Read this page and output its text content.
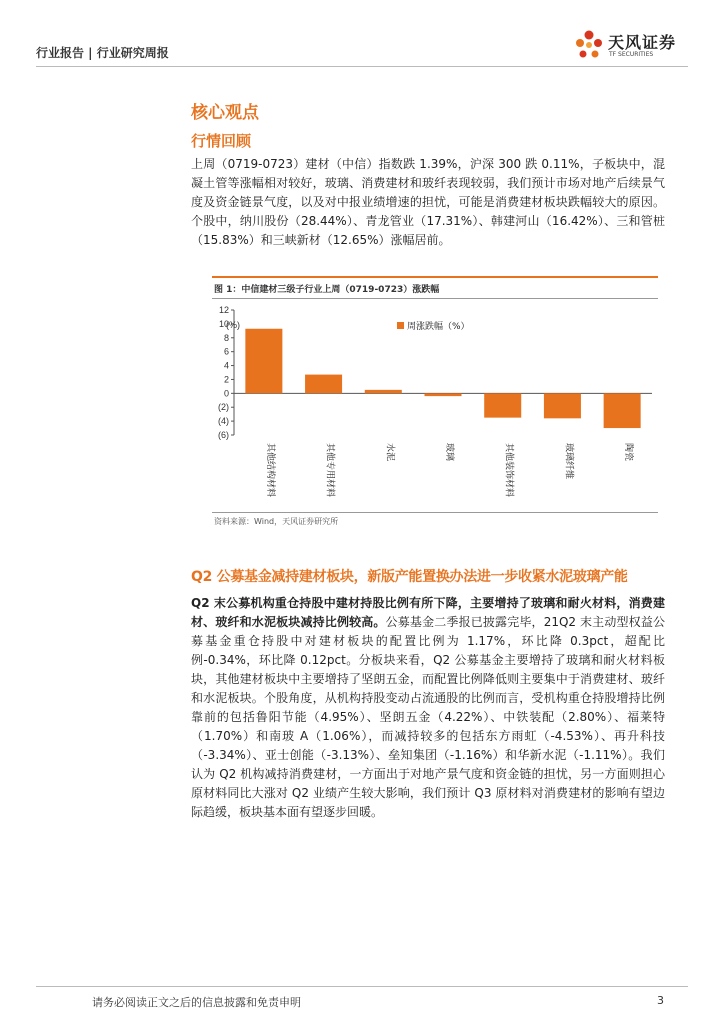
行业报告 | 行业研究周报
天风证券
TF SECURITIES
核心观点
行情回顾
上周（0719-0723）建材（中信）指数跌 1.39%，沪深 300 跌 0.11%，子板块中，混凝土管等涨幅相对较好，玻璃、消费建材和玻纤表现较弱，我们预计市场对地产后续景气度及资金链景气度，以及对中报业绩增速的担忧，可能是消费建材板块跌幅较大的原因。个股中，纳川股份（28.44%）、青龙管业（17.31%）、韩建河山（16.42%）、三和管桩（15.83%）和三峡新材（12.65%）涨幅居前。
图 1：中信建材三级子行业上周（0719-0723）涨跌幅
12
10
8
6
4
2
0
(2)
(4)
(6)
(%)
其他结构材料	其他专用材料	水泥	玻璃	其他装饰材料	玻璃纤维	陶瓷
周涨跌幅（%）
资料来源：Wind，天风证券研究所
Q2 公募基金减持建材板块，新版产能置换办法进一步收紧水泥玻璃产能
Q2 末公募机构重仓持股中建材持股比例有所下降，主要增持了玻璃和耐火材料，消费建材、玻纤和水泥板块减持比例较高。公募基金二季报已披露完毕，21Q2 末主动型权益公募基金重仓持股中对建材板块的配置比例为 1.17%，环比降 0.3pct，超配比例-0.34%，环比降 0.12pct。分板块来看，Q2 公募基金主要增持了玻璃和耐火材料板块，其他建材板块中主要增持了坚朗五金，而配置比例降低则主要集中于消费建材、玻纤和水泥板块。个股角度，从机构持股变动占流通股的比例而言，受机构重仓持股增持比例靠前的包括鲁阳节能（4.95%）、坚朗五金（4.22%）、中铁装配（2.80%）、福莱特（1.70%）和南玻 A（1.06%），而减持较多的包括东方雨虹（-4.53%）、再升科技（-3.34%）、亚士创能（-3.13%）、垒知集团（-1.16%）和华新水泥（-1.11%）。我们认为 Q2 机构减持消费建材，一方面出于对地产景气度和资金链的担忧，另一方面则担心原材料同比大涨对 Q2 业绩产生较大影响，我们预计 Q3 原材料对消费建材的影响有望边际趋缓，板块基本面有望逐步回暖。
请务必阅读正文之后的信息披露和免责申明	3
